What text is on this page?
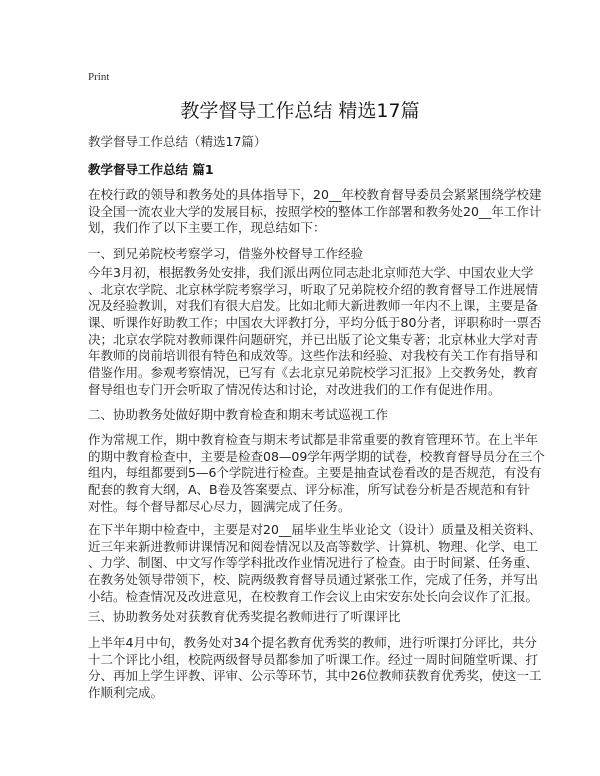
Print
教学督导工作总结 精选17篇
教学督导工作总结（精选17篇）
教学督导工作总结 篇1
在校行政的领导和教务处的具体指导下，20__年校教育督导委员会紧紧围绕学校建
设全国一流农业大学的发展目标，按照学校的整体工作部署和教务处20__年工作计
划，我们作了以下主要工作，现总结如下：
一、到兄弟院校考察学习，借鉴外校督导工作经验
今年3月初，根据教务处安排，我们派出两位同志赴北京师范大学、中国农业大学
、北京农学院、北京林学院考察学习，听取了兄弟院校介绍的教育督导工作进展情
况及经验教训，对我们有很大启发。比如北师大新进教师一年内不上课，主要是备
课、听课作好助教工作；中国农大评教打分，平均分低于80分者，评职称时一票否
决；北京农学院对教师课件问题研究，并已出版了论文集专著；北京林业大学对青
年教师的岗前培训很有特色和成效等。这些作法和经验、对我校有关工作有指导和
借鉴作用。参观考察情况，已写有《去北京兄弟院校学习汇报》上交教务处，教育
督导组也专门开会听取了情况传达和讨论，对改进我们的工作有促进作用。
二、协助教务处做好期中教育检查和期末考试巡视工作
作为常规工作，期中教育检查与期末考试都是非常重要的教育管理环节。在上半年
的期中教育检查中，主要是检查08—09学年两学期的试卷，校教育督导员分在三个
组内，每组都要到5—6个学院进行检查。主要是抽查试卷看改的是否规范，有没有
配套的教育大纲，A、B卷及答案要点、评分标准，所写试卷分析是否规范和有针
对性。每个督导都尽心尽力，圆满完成了任务。
在下半年期中检查中，主要是对20__届毕业生毕业论文（设计）质量及相关资料、
近三年来新进教师讲课情况和阅卷情况以及高等数学、计算机、物理、化学、电工
、力学、制图、中文写作等学科批改作业情况进行了检查。由于时间紧、任务重、
在教务处领导带领下，校、院两级教育督导员通过紧张工作，完成了任务，并写出
小结。检查情况及改进意见，在校教育工作会议上由宋安东处长向会议作了汇报。
三、协助教务处对获教育优秀奖提名教师进行了听课评比
上半年4月中旬，教务处对34个提名教育优秀奖的教师，进行听课打分评比，共分
十二个评比小组，校院两级督导员都参加了听课工作。经过一周时间随堂听课、打
分、再加上学生评教、评审、公示等环节，其中26位教师获教育优秀奖，使这一工
作顺利完成。
